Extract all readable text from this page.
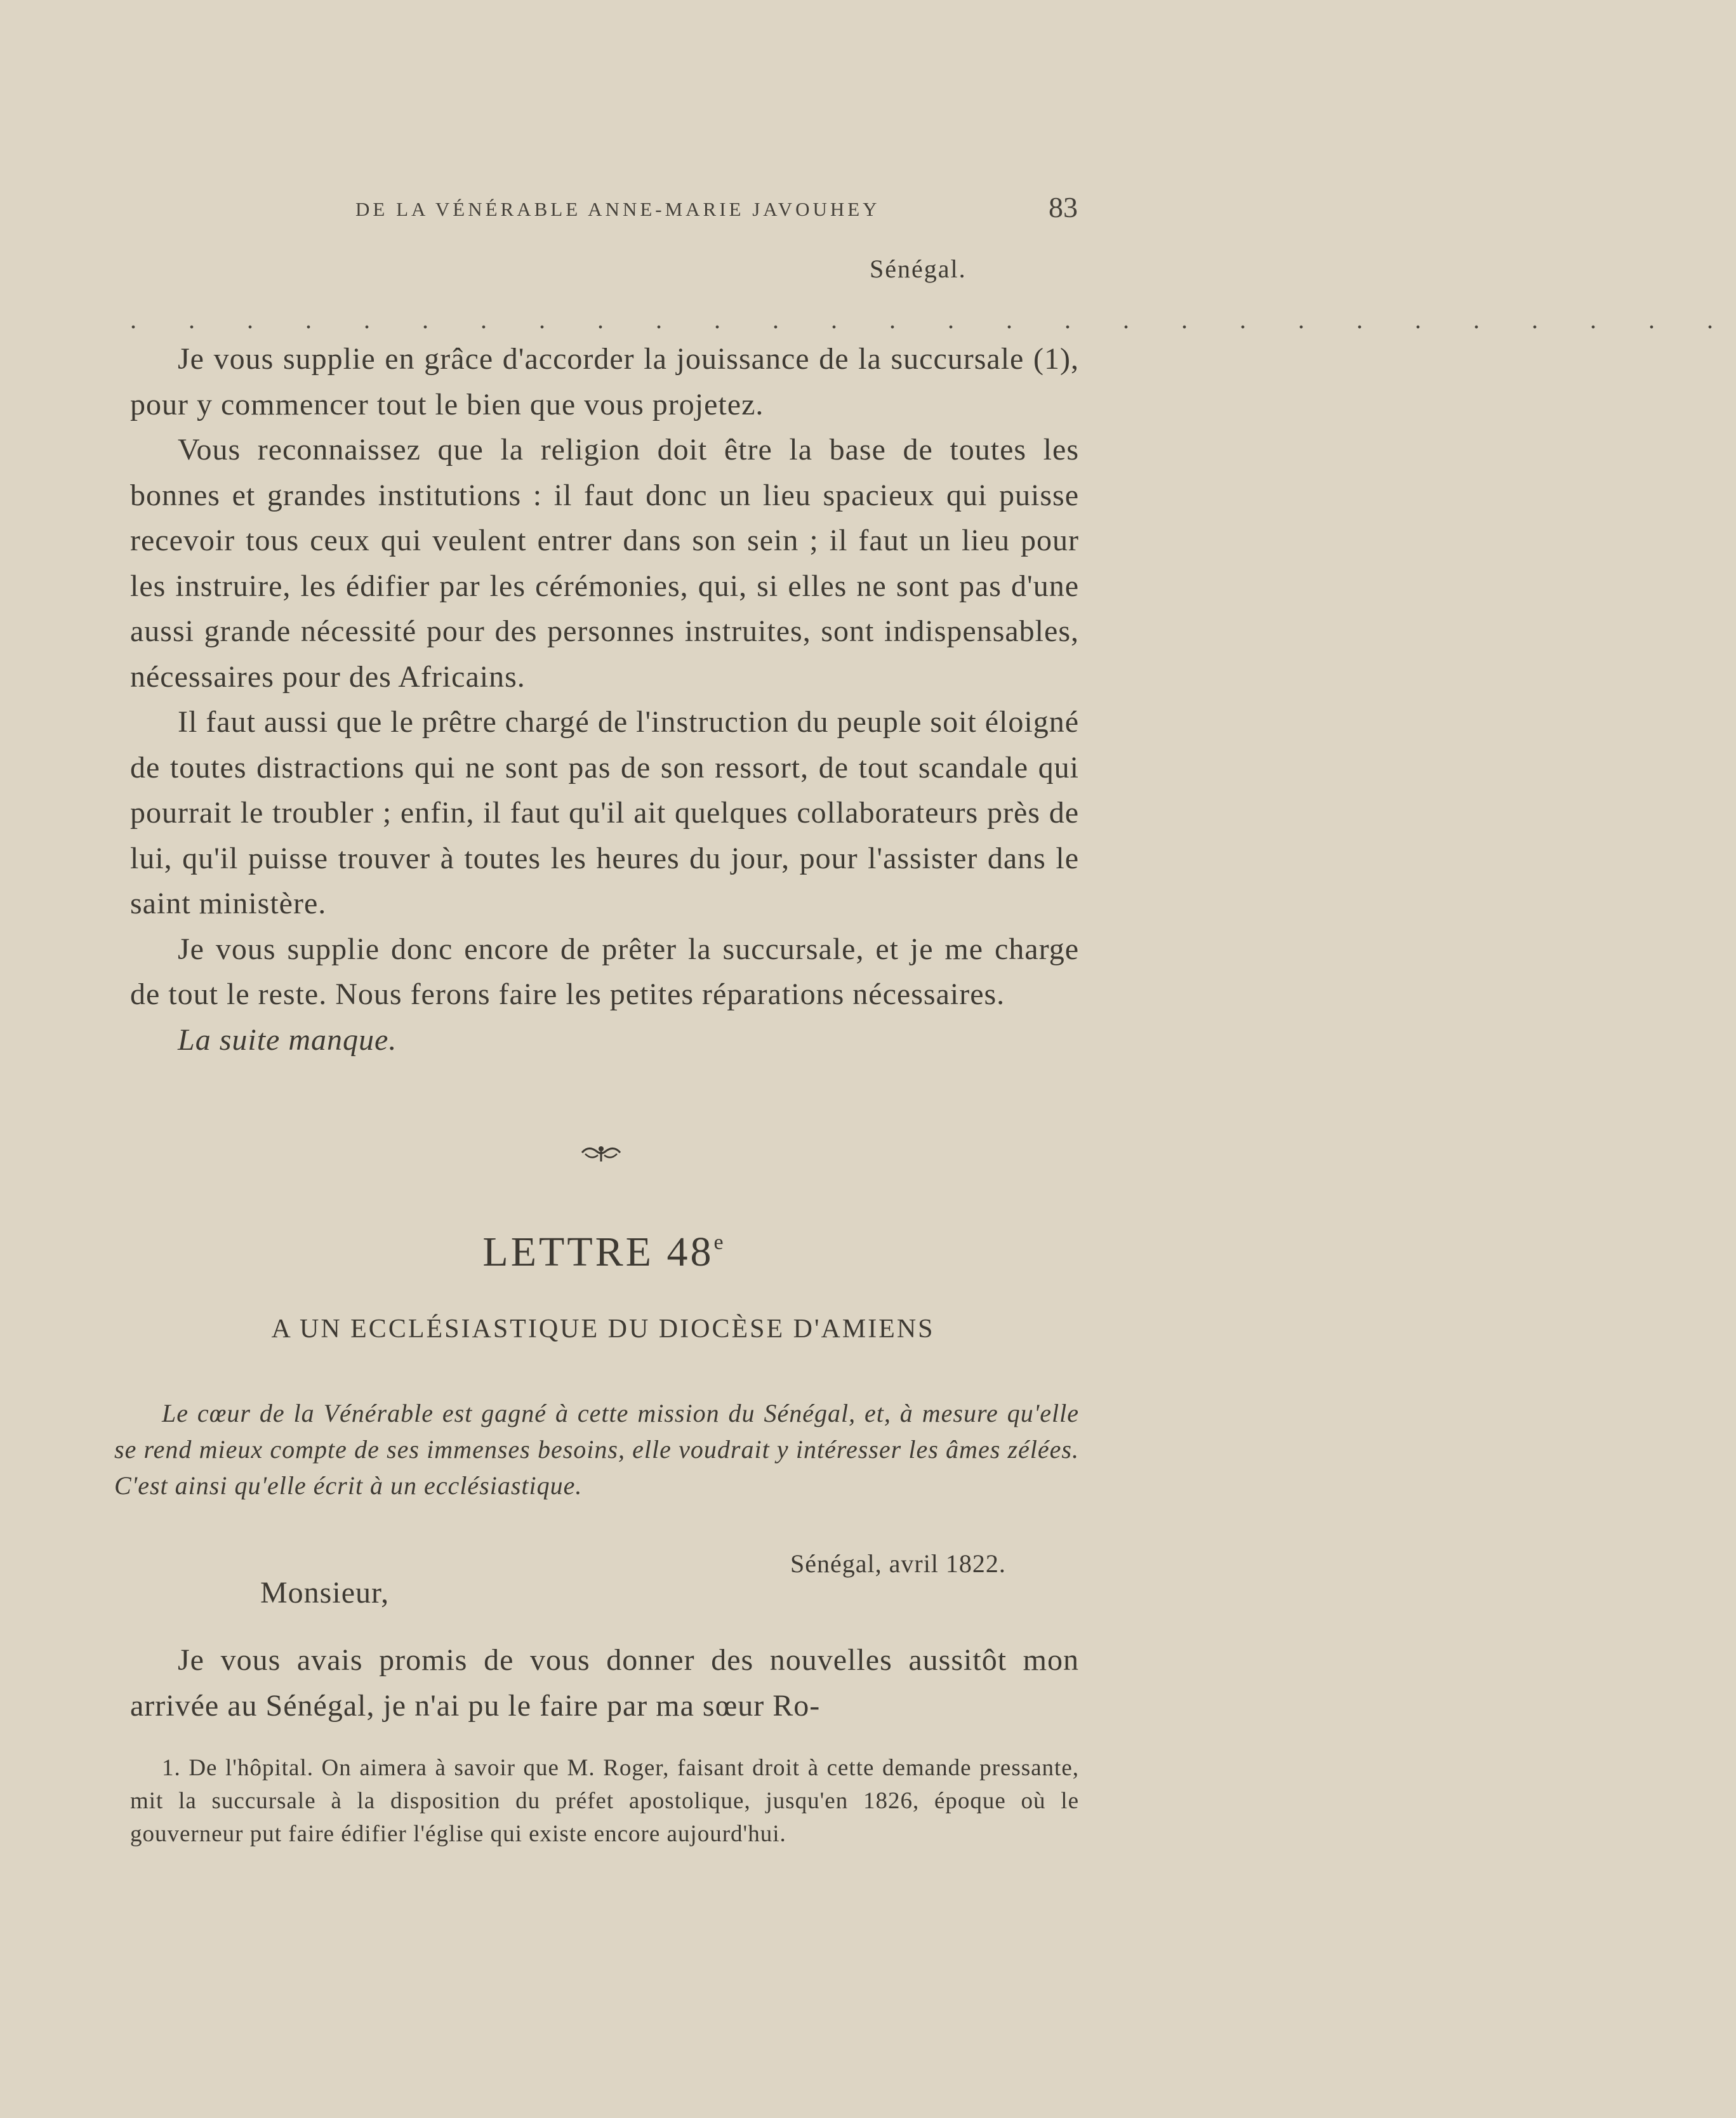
DE LA VÉNÉRABLE ANNE-MARIE JAVOUHEY	83
Sénégal.
. . . . . . . . . . . . . . . . . . . . . . . . . . . .

Je vous supplie en grâce d'accorder la jouissance de la succursale (1), pour y commencer tout le bien que vous projetez.

Vous reconnaissez que la religion doit être la base de toutes les bonnes et grandes institutions : il faut donc un lieu spacieux qui puisse recevoir tous ceux qui veulent entrer dans son sein ; il faut un lieu pour les instruire, les édifier par les cérémonies, qui, si elles ne sont pas d'une aussi grande nécessité pour des personnes instruites, sont indispensables, nécessaires pour des Africains.

Il faut aussi que le prêtre chargé de l'instruction du peuple soit éloigné de toutes distractions qui ne sont pas de son ressort, de tout scandale qui pourrait le troubler ; enfin, il faut qu'il ait quelques collaborateurs près de lui, qu'il puisse trouver à toutes les heures du jour, pour l'assister dans le saint ministère.

Je vous supplie donc encore de prêter la succursale, et je me charge de tout le reste. Nous ferons faire les petites réparations nécessaires.

La suite manque.

LETTRE 48e
A UN ECCLÉSIASTIQUE DU DIOCÈSE D'AMIENS

Le cœur de la Vénérable est gagné à cette mission du Sénégal, et, à mesure qu'elle se rend mieux compte de ses immenses besoins, elle voudrait y intéresser les âmes zélées. C'est ainsi qu'elle écrit à un ecclésiastique.

Sénégal, avril 1822.
Monsieur,

Je vous avais promis de vous donner des nouvelles aussitôt mon arrivée au Sénégal, je n'ai pu le faire par ma sœur Ro-

1. De l'hôpital. On aimera à savoir que M. Roger, faisant droit à cette demande pressante, mit la succursale à la disposition du préfet apostolique, jusqu'en 1826, époque où le gouverneur put faire édifier l'église qui existe encore aujourd'hui.
